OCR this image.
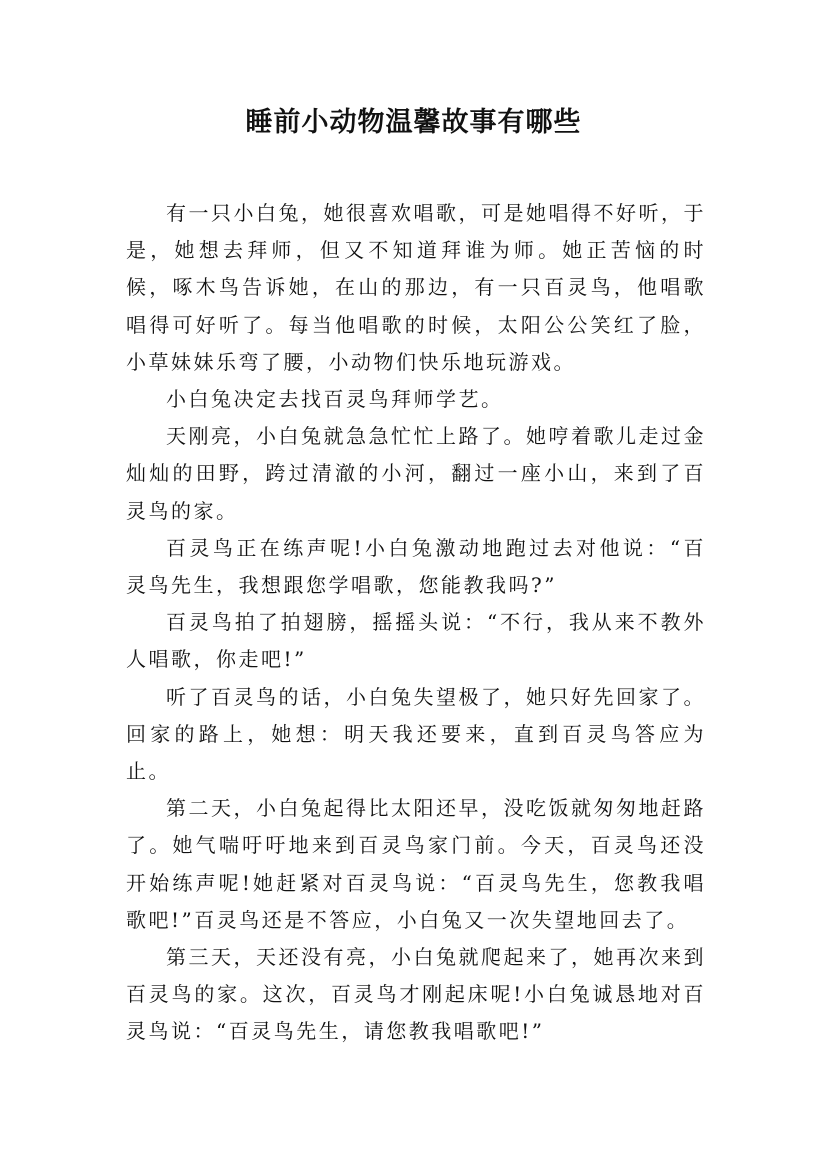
睡前小动物温馨故事有哪些

有一只小白兔，她很喜欢唱歌，可是她唱得不好听，于是，她想去拜师，但又不知道拜谁为师。她正苦恼的时候，啄木鸟告诉她，在山的那边，有一只百灵鸟，他唱歌唱得可好听了。每当他唱歌的时候，太阳公公笑红了脸，小草妹妹乐弯了腰，小动物们快乐地玩游戏。

小白兔决定去找百灵鸟拜师学艺。

天刚亮，小白兔就急急忙忙上路了。她哼着歌儿走过金灿灿的田野，跨过清澈的小河，翻过一座小山，来到了百灵鸟的家。

百灵鸟正在练声呢!小白兔激动地跑过去对他说：“百灵鸟先生，我想跟您学唱歌，您能教我吗?”

百灵鸟拍了拍翅膀，摇摇头说：“不行，我从来不教外人唱歌，你走吧!”

听了百灵鸟的话，小白兔失望极了，她只好先回家了。回家的路上，她想：明天我还要来，直到百灵鸟答应为止。

第二天，小白兔起得比太阳还早，没吃饭就匆匆地赶路了。她气喘吁吁地来到百灵鸟家门前。今天，百灵鸟还没开始练声呢!她赶紧对百灵鸟说：“百灵鸟先生，您教我唱歌吧!”百灵鸟还是不答应，小白兔又一次失望地回去了。

第三天，天还没有亮，小白兔就爬起来了，她再次来到百灵鸟的家。这次，百灵鸟才刚起床呢!小白兔诚恳地对百灵鸟说：“百灵鸟先生，请您教我唱歌吧!”
